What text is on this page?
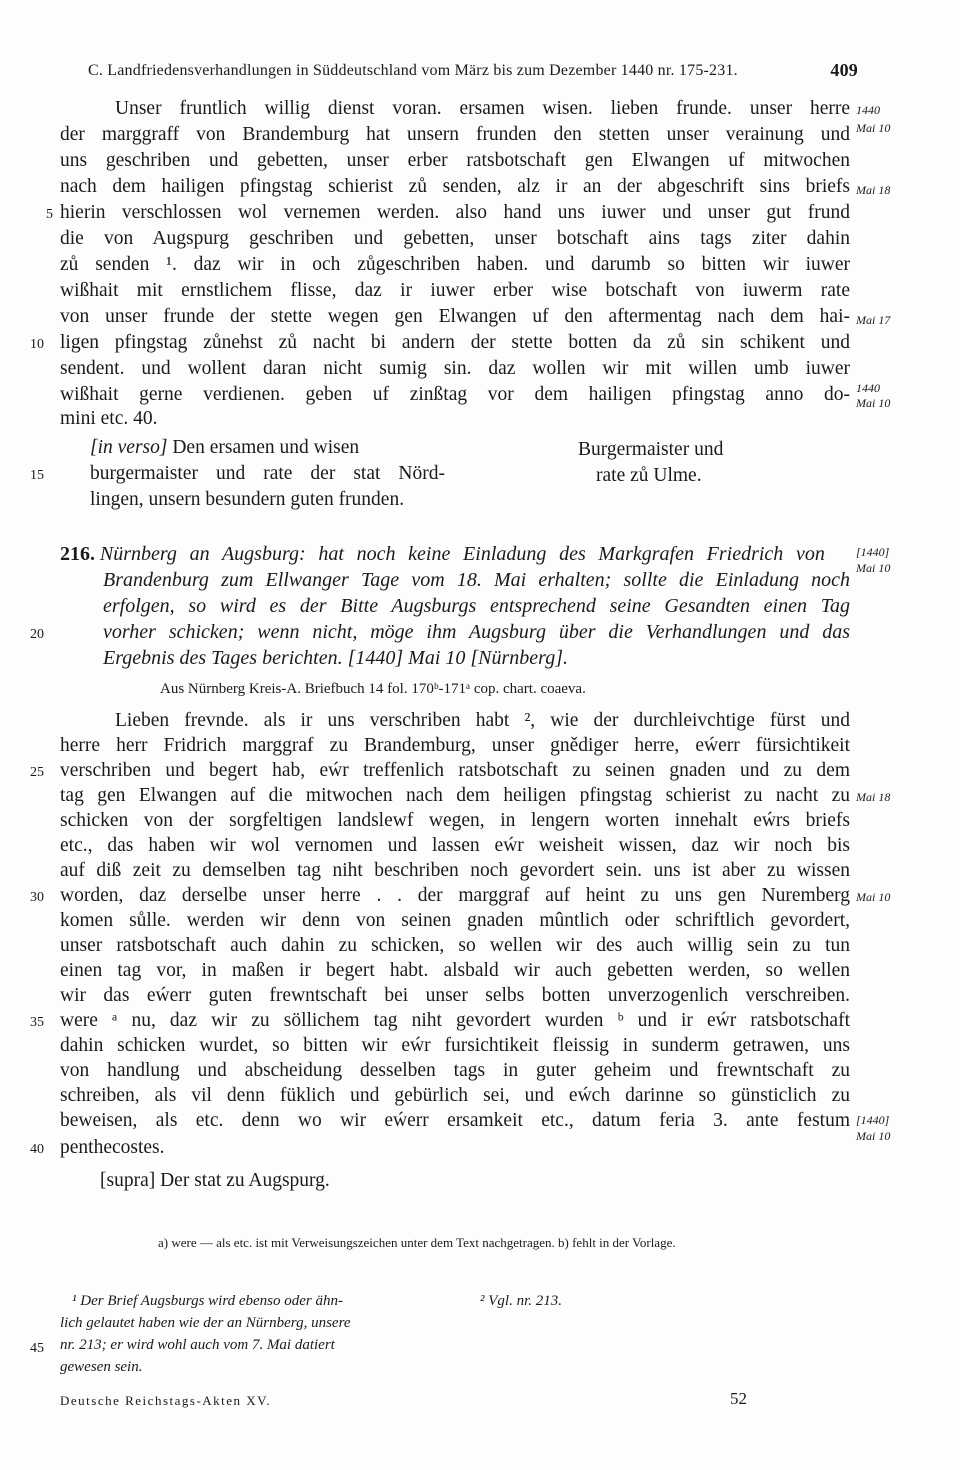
C. Landfriedensverhandlungen in Süddeutschland vom März bis zum Dezember 1440 nr. 175-231.	409
Unser fruntlich willig dienst voran. ersamen wisen. lieben frunde. unser herre
der marggraff von Brandemburg hat unsern frunden den stetten unser verainung und
uns geschriben und gebetten, unser erber ratsbotschaft gen Elwangen uf mitwochen
nach dem hailigen pfingstag schierist zů senden, alz ir an der abgeschrift sins briefs
hierin verschlossen wol vernemen werden. also hand uns iuwer und unser gut frund
die von Augspurg geschriben und gebetten, unser botschaft ains tags ziter dahin
zů senden ¹. daz wir in och zůgeschriben haben. und darumb so bitten wir iuwer
wißhait mit ernstlichem flisse, daz ir iuwer erber wise botschaft von iuwerm rate
von unser frunde der stette wegen gen Elwangen uf den aftermentag nach dem hai-
ligen pfingstag zůnehst zů nacht bi andern der stette botten da zů sin schikent und
sendent. und wollent daran nicht sumig sin. daz wollen wir mit willen umb iuwer
wißhait gerne verdienen. geben uf zinßtag vor dem hailigen pfingstag anno do-
mini etc. 40.
[in verso] Den ersamen und wisen
burgermaister und rate der stat Nörd-
lingen, unsern besundern guten frunden.
Burgermaister und
rate zů Ulme.
216. Nürnberg an Augsburg: hat noch keine Einladung des Markgrafen Friedrich von
Brandenburg zum Ellwanger Tage vom 18. Mai erhalten; sollte die Einladung noch
erfolgen, so wird es der Bitte Augsburgs entsprechend seine Gesandten einen Tag
vorher schicken; wenn nicht, möge ihm Augsburg über die Verhandlungen und das
Ergebnis des Tages berichten. [1440] Mai 10 [Nürnberg].
Aus Nürnberg Kreis-A. Briefbuch 14 fol. 170ᵇ-171ᵃ cop. chart. coaeva.
Lieben frevnde. als ir uns verschriben habt ², wie der durchleivchtige fürst und
herre herr Fridrich marggraf zu Brandemburg, unser gnědiger herre, eẃerr fürsichtikeit
verschriben und begert hab, eẃr treffenlich ratsbotschaft zu seinen gnaden und zu dem
tag gen Elwangen auf die mitwochen nach dem heiligen pfingstag schierist zu nacht zu
schicken von der sorgfeltigen landslewf wegen, in lengern worten innehalt eẃrs briefs
etc., das haben wir wol vernomen und lassen eẃr weisheit wissen, daz wir noch bis
auf diß zeit zu demselben tag niht beschriben noch gevordert sein. uns ist aber zu wissen
worden, daz derselbe unser herre . . der marggraf auf heint zu uns gen Nuremberg
komen sůlle. werden wir denn von seinen gnaden mûntlich oder schriftlich gevordert,
unser ratsbotschaft auch dahin zu schicken, so wellen wir des auch willig sein zu tun
einen tag vor, in maßen ir begert habt. alsbald wir auch gebetten werden, so wellen
wir das eẃerr guten frewntschaft bei unser selbs botten unverzogenlich verschreiben.
were ᵃ nu, daz wir zu söllichem tag niht gevordert wurden ᵇ und ir eẃr ratsbotschaft
dahin schicken wurdet, so bitten wir eẃr fursichtikeit fleissig in sunderm getrawen, uns
von handlung und abscheidung desselben tags in guter geheim und frewntschaft zu
schreiben, als vil denn füklich und gebürlich sei, und eẃch darinne so günsticlich zu
beweisen, als etc. denn wo wir eẃerr ersamkeit etc., datum feria 3. ante festum
penthecostes.
[supra] Der stat zu Augspurg.
a) were — als etc. ist mit Verweisungszeichen unter dem Text nachgetragen. b) fehlt in der Vorlage.
¹ Der Brief Augsburgs wird ebenso oder ähn-
lich gelautet haben wie der an Nürnberg, unsere
nr. 213; er wird wohl auch vom 7. Mai datiert
gewesen sein.
² Vgl. nr. 213.
Deutsche Reichstags-Akten XV.	52
5
10
15
20
25
30
35
40
45
1440
Mai 10
Mai 18
Mai 17
1440
Mai 10
[1440]
Mai 10
Mai 18
Mai 10
[1440]
Mai 10
